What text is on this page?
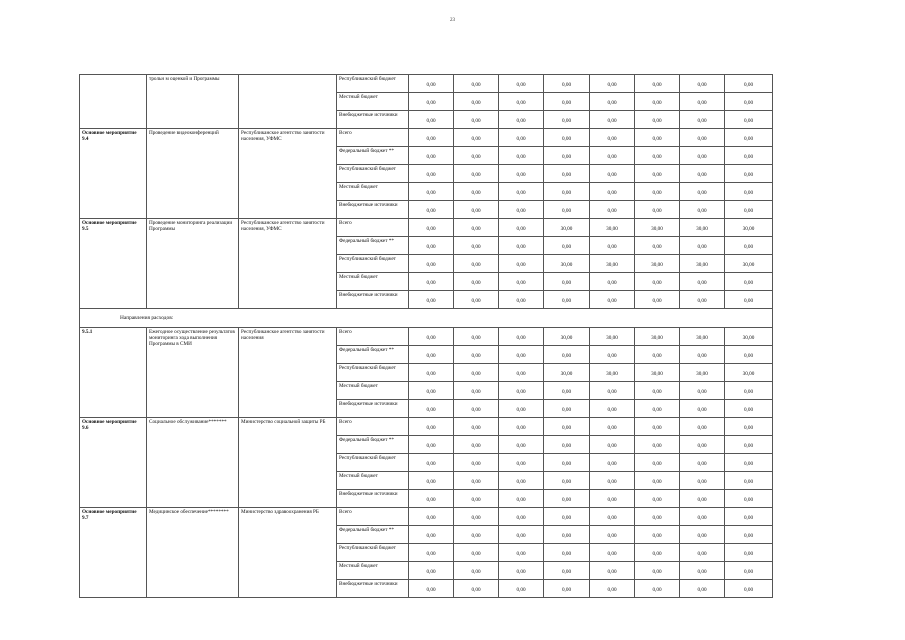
23
	трольн м оценкой и Программы		Республиканский бюджет	0,00	0,00	0,00	0,00	0,00	0,00	0,00	0,00
			Местный бюджет	0,00	0,00	0,00	0,00	0,00	0,00	0,00	0,00
			Внебюджетные источники	0,00	0,00	0,00	0,00	0,00	0,00	0,00	0,00
Основное мероприятие 9.4	Проведение видеоконференций	Республиканское агентство занятости населения, УФМС	Всего	0,00	0,00	0,00	0,00	0,00	0,00	0,00	0,00
			Федеральный бюджет **	0,00	0,00	0,00	0,00	0,00	0,00	0,00	0,00
			Республиканский бюджет	0,00	0,00	0,00	0,00	0,00	0,00	0,00	0,00
			Местный бюджет	0,00	0,00	0,00	0,00	0,00	0,00	0,00	0,00
			Внебюджетные источники	0,00	0,00	0,00	0,00	0,00	0,00	0,00	0,00
Основное мероприятие 9.5	Проведение мониторинга реализации Программы	Республиканское агентство занятости населения, УФМС	Всего	0,00	0,00	0,00	30,00	30,00	30,00	30,00	30,00
			Федеральный бюджет **	0,00	0,00	0,00	0,00	0,00	0,00	0,00	0,00
			Республиканский бюджет	0,00	0,00	0,00	30,00	30,00	30,00	30,00	30,00
			Местный бюджет	0,00	0,00	0,00	0,00	0,00	0,00	0,00	0,00
			Внебюджетные источники	0,00	0,00	0,00	0,00	0,00	0,00	0,00	0,00
Направления расходов:											
9.5.1	Ежегодное осуществление результатов мониторинга хода выполнения Программы в СМИ	Республиканское агентство занятости населения	Всего	0,00	0,00	0,00	30,00	30,00	30,00	30,00	30,00
			Федеральный бюджет **	0,00	0,00	0,00	0,00	0,00	0,00	0,00	0,00
			Республиканский бюджет	0,00	0,00	0,00	30,00	30,00	30,00	30,00	30,00
			Местный бюджет	0,00	0,00	0,00	0,00	0,00	0,00	0,00	0,00
			Внебюджетные источники	0,00	0,00	0,00	0,00	0,00	0,00	0,00	0,00
Основное мероприятие 9.6	Социальное обслуживание*******	Министерство социальной защиты РБ	Всего	0,00	0,00	0,00	0,00	0,00	0,00	0,00	0,00
			Федеральный бюджет **	0,00	0,00	0,00	0,00	0,00	0,00	0,00	0,00
			Республиканский бюджет	0,00	0,00	0,00	0,00	0,00	0,00	0,00	0,00
			Местный бюджет	0,00	0,00	0,00	0,00	0,00	0,00	0,00	0,00
			Внебюджетные источники	0,00	0,00	0,00	0,00	0,00	0,00	0,00	0,00
Основное мероприятие 9.7	Медицинское обеспечение********	Министерство здравоохранения РБ	Всего	0,00	0,00	0,00	0,00	0,00	0,00	0,00	0,00
			Федеральный бюджет **	0,00	0,00	0,00	0,00	0,00	0,00	0,00	0,00
			Республиканский бюджет	0,00	0,00	0,00	0,00	0,00	0,00	0,00	0,00
			Местный бюджет	0,00	0,00	0,00	0,00	0,00	0,00	0,00	0,00
			Внебюджетные источники	0,00	0,00	0,00	0,00	0,00	0,00	0,00	0,00
